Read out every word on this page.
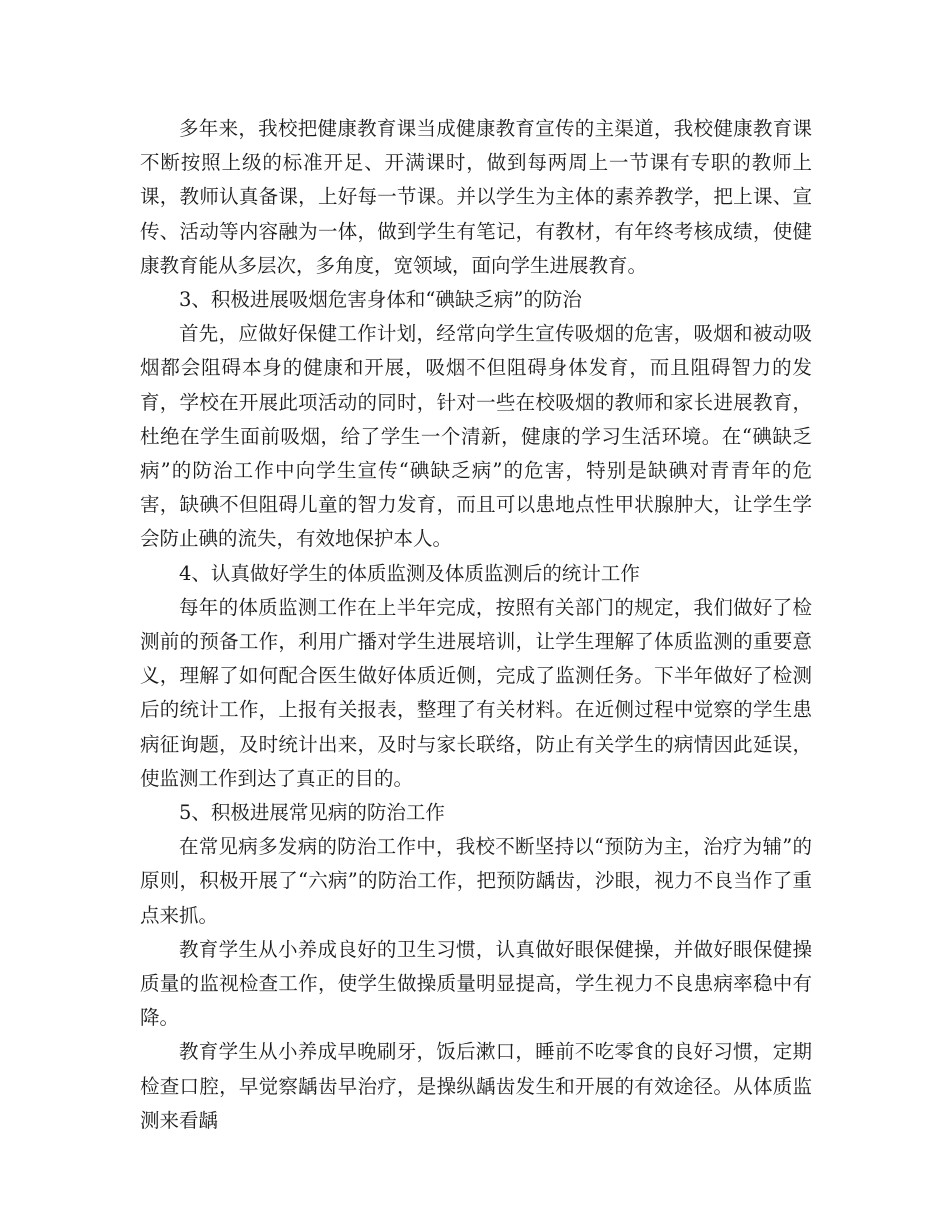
多年来，我校把健康教育课当成健康教育宣传的主渠道，我校健康教育课不断按照上级的标准开足、开满课时，做到每两周上一节课有专职的教师上课，教师认真备课，上好每一节课。并以学生为主体的素养教学，把上课、宣传、活动等内容融为一体，做到学生有笔记，有教材，有年终考核成绩，使健康教育能从多层次，多角度，宽领域，面向学生进展教育。

3、积极进展吸烟危害身体和“碘缺乏病”的防治

首先，应做好保健工作计划，经常向学生宣传吸烟的危害，吸烟和被动吸烟都会阻碍本身的健康和开展，吸烟不但阻碍身体发育，而且阻碍智力的发育，学校在开展此项活动的同时，针对一些在校吸烟的教师和家长进展教育，杜绝在学生面前吸烟，给了学生一个清新，健康的学习生活环境。在“碘缺乏病”的防治工作中向学生宣传“碘缺乏病”的危害，特别是缺碘对青青年的危害，缺碘不但阻碍儿童的智力发育，而且可以患地点性甲状腺肿大，让学生学会防止碘的流失，有效地保护本人。

4、认真做好学生的体质监测及体质监测后的统计工作

每年的体质监测工作在上半年完成，按照有关部门的规定，我们做好了检测前的预备工作，利用广播对学生进展培训，让学生理解了体质监测的重要意义，理解了如何配合医生做好体质近侧，完成了监测任务。下半年做好了检测后的统计工作，上报有关报表，整理了有关材料。在近侧过程中觉察的学生患病征询题，及时统计出来，及时与家长联络，防止有关学生的病情因此延误，使监测工作到达了真正的目的。

5、积极进展常见病的防治工作

在常见病多发病的防治工作中，我校不断坚持以“预防为主，治疗为辅”的原则，积极开展了“六病”的防治工作，把预防龋齿，沙眼，视力不良当作了重点来抓。

教育学生从小养成良好的卫生习惯，认真做好眼保健操，并做好眼保健操质量的监视检查工作，使学生做操质量明显提高，学生视力不良患病率稳中有降。

教育学生从小养成早晚刷牙，饭后漱口，睡前不吃零食的良好习惯，定期检查口腔，早觉察龋齿早治疗，是操纵龋齿发生和开展的有效途径。从体质监测来看龋
